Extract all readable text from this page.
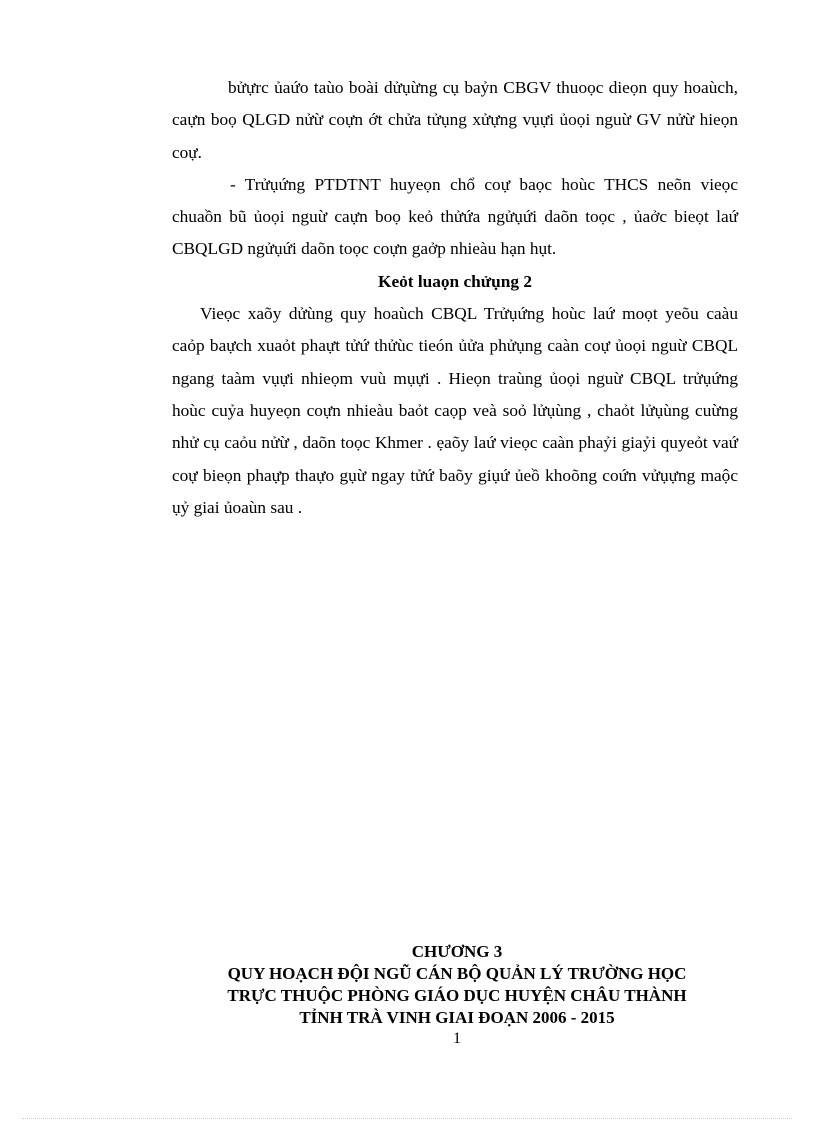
bửựrc ủaứo taùo boài dửụừng cụ baỷn CBGV thuoọc dieọn quy hoaùch, caựn boọ QLGD nửừ coựn ớt chửa tửụng xửựng vụựi ủoọi nguừ GV nửừ hieọn coự.

- Trửụứng PTDTNT huyeọn chổ coự baọc hoùc THCS neõn vieọc chuaồn bũ ủoọi nguừ caựn boọ keỏ thửứa ngửụứi daõn toọc , ủaởc bieọt laứ CBQLGD ngửụứi daõn toọc coựn gaởp nhieàu hạn hụt.

Keỏt luaọn chửụng 2

Vieọc xaõy dửùng quy hoaùch CBQL Trửụứng hoùc laứ moọt yeõu caàu caỏp baựch xuaỏt phaựt tửứ thửùc tieón ủửa phửụng caàn coự ủoọi nguừ CBQL ngang taàm vụựi nhieọm vuù mụựi . Hieọn traùng ủoọi nguừ CBQL trửụứng hoùc cuỷa huyeọn coựn nhieàu baỏt caọp veà soỏ lửụùng , chaỏt lửụùng cuừng nhử cụ caỏu nửừ , daõn toọc Khmer . ẹaõy laứ vieọc caàn phaỷi giaỷi quyeỏt vaứ coự bieọn phaựp thaựo gụừ ngay tửứ baõy giụứ ủeồ khoõng coứn vửụựng maộc ụỷ giai ủoaùn sau .

CHƯƠNG 3
QUY HOẠCH ĐỘI NGŨ CÁN BỘ QUẢN LÝ TRƯỜNG HỌC
TRỰC THUỘC PHÒNG GIÁO DỤC HUYỆN CHÂU THÀNH
TỈNH TRÀ VINH GIAI ĐOẠN 2006 - 2015
1
